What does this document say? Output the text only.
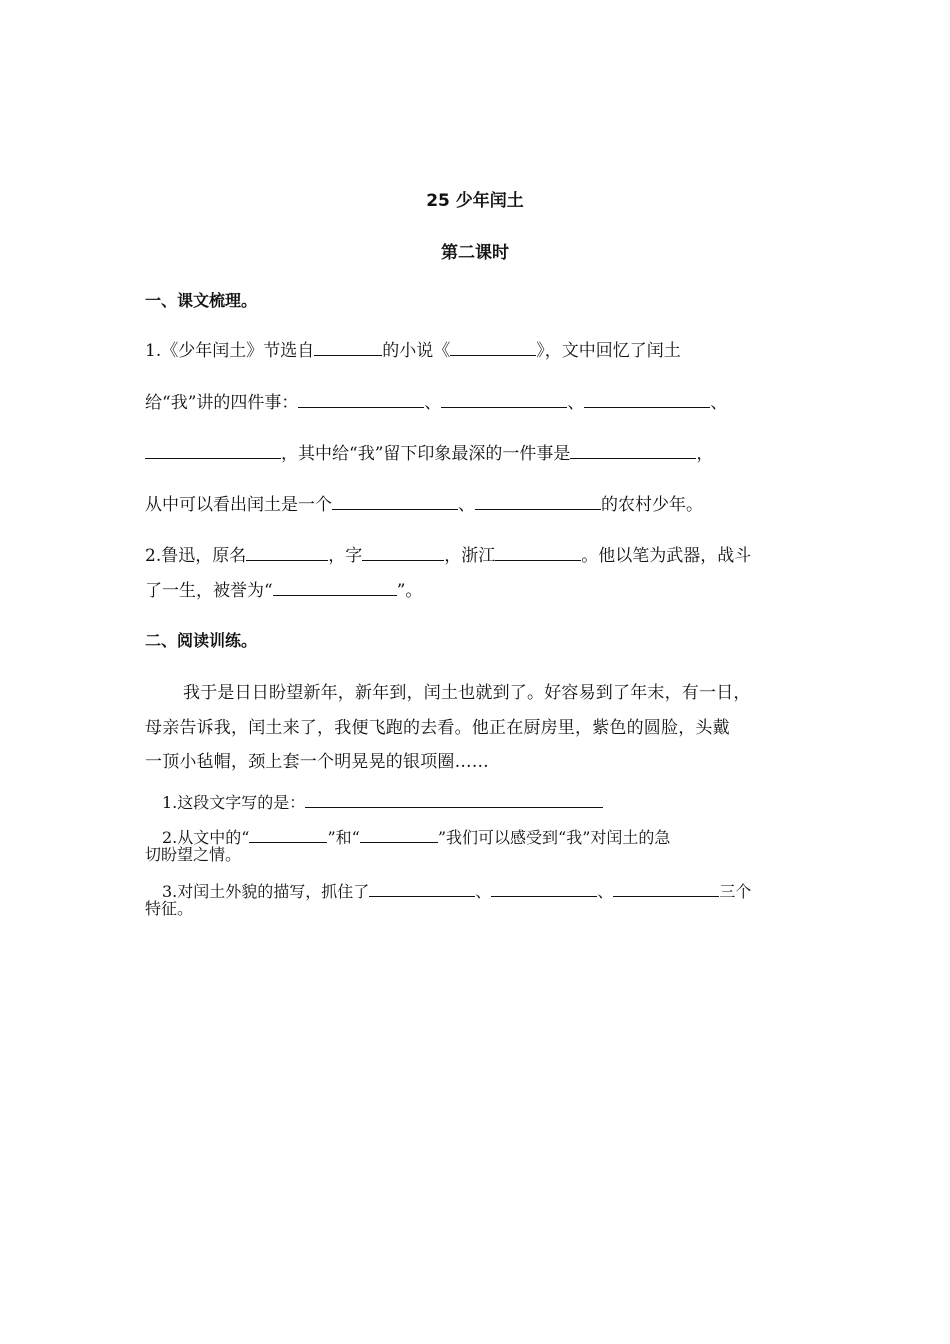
25 少年闰土
第二课时
一、课文梳理。
1.《少年闰土》节选自	的小说《	》，文中回忆了闰土
给“我”讲的四件事：	、	、	、
，其中给“我”留下印象最深的一件事是	，
从中可以看出闰土是一个	、	的农村少年。
2.鲁迅，原名	，字	，浙江	。他以笔为武器，战斗
了一生，被誉为“	”。
二、阅读训练。
我于是日日盼望新年，新年到，闰土也就到了。好容易到了年末，有一日，
母亲告诉我，闰土来了，我便飞跑的去看。他正在厨房里，紫色的圆脸，头戴
一顶小毡帽，颈上套一个明晃晃的银项圈……
1.这段文字写的是：
2.从文中的“	”和“	”我们可以感受到“我”对闰土的急
切盼望之情。
3.对闰土外貌的描写，抓住了	、	、	三个
特征。
